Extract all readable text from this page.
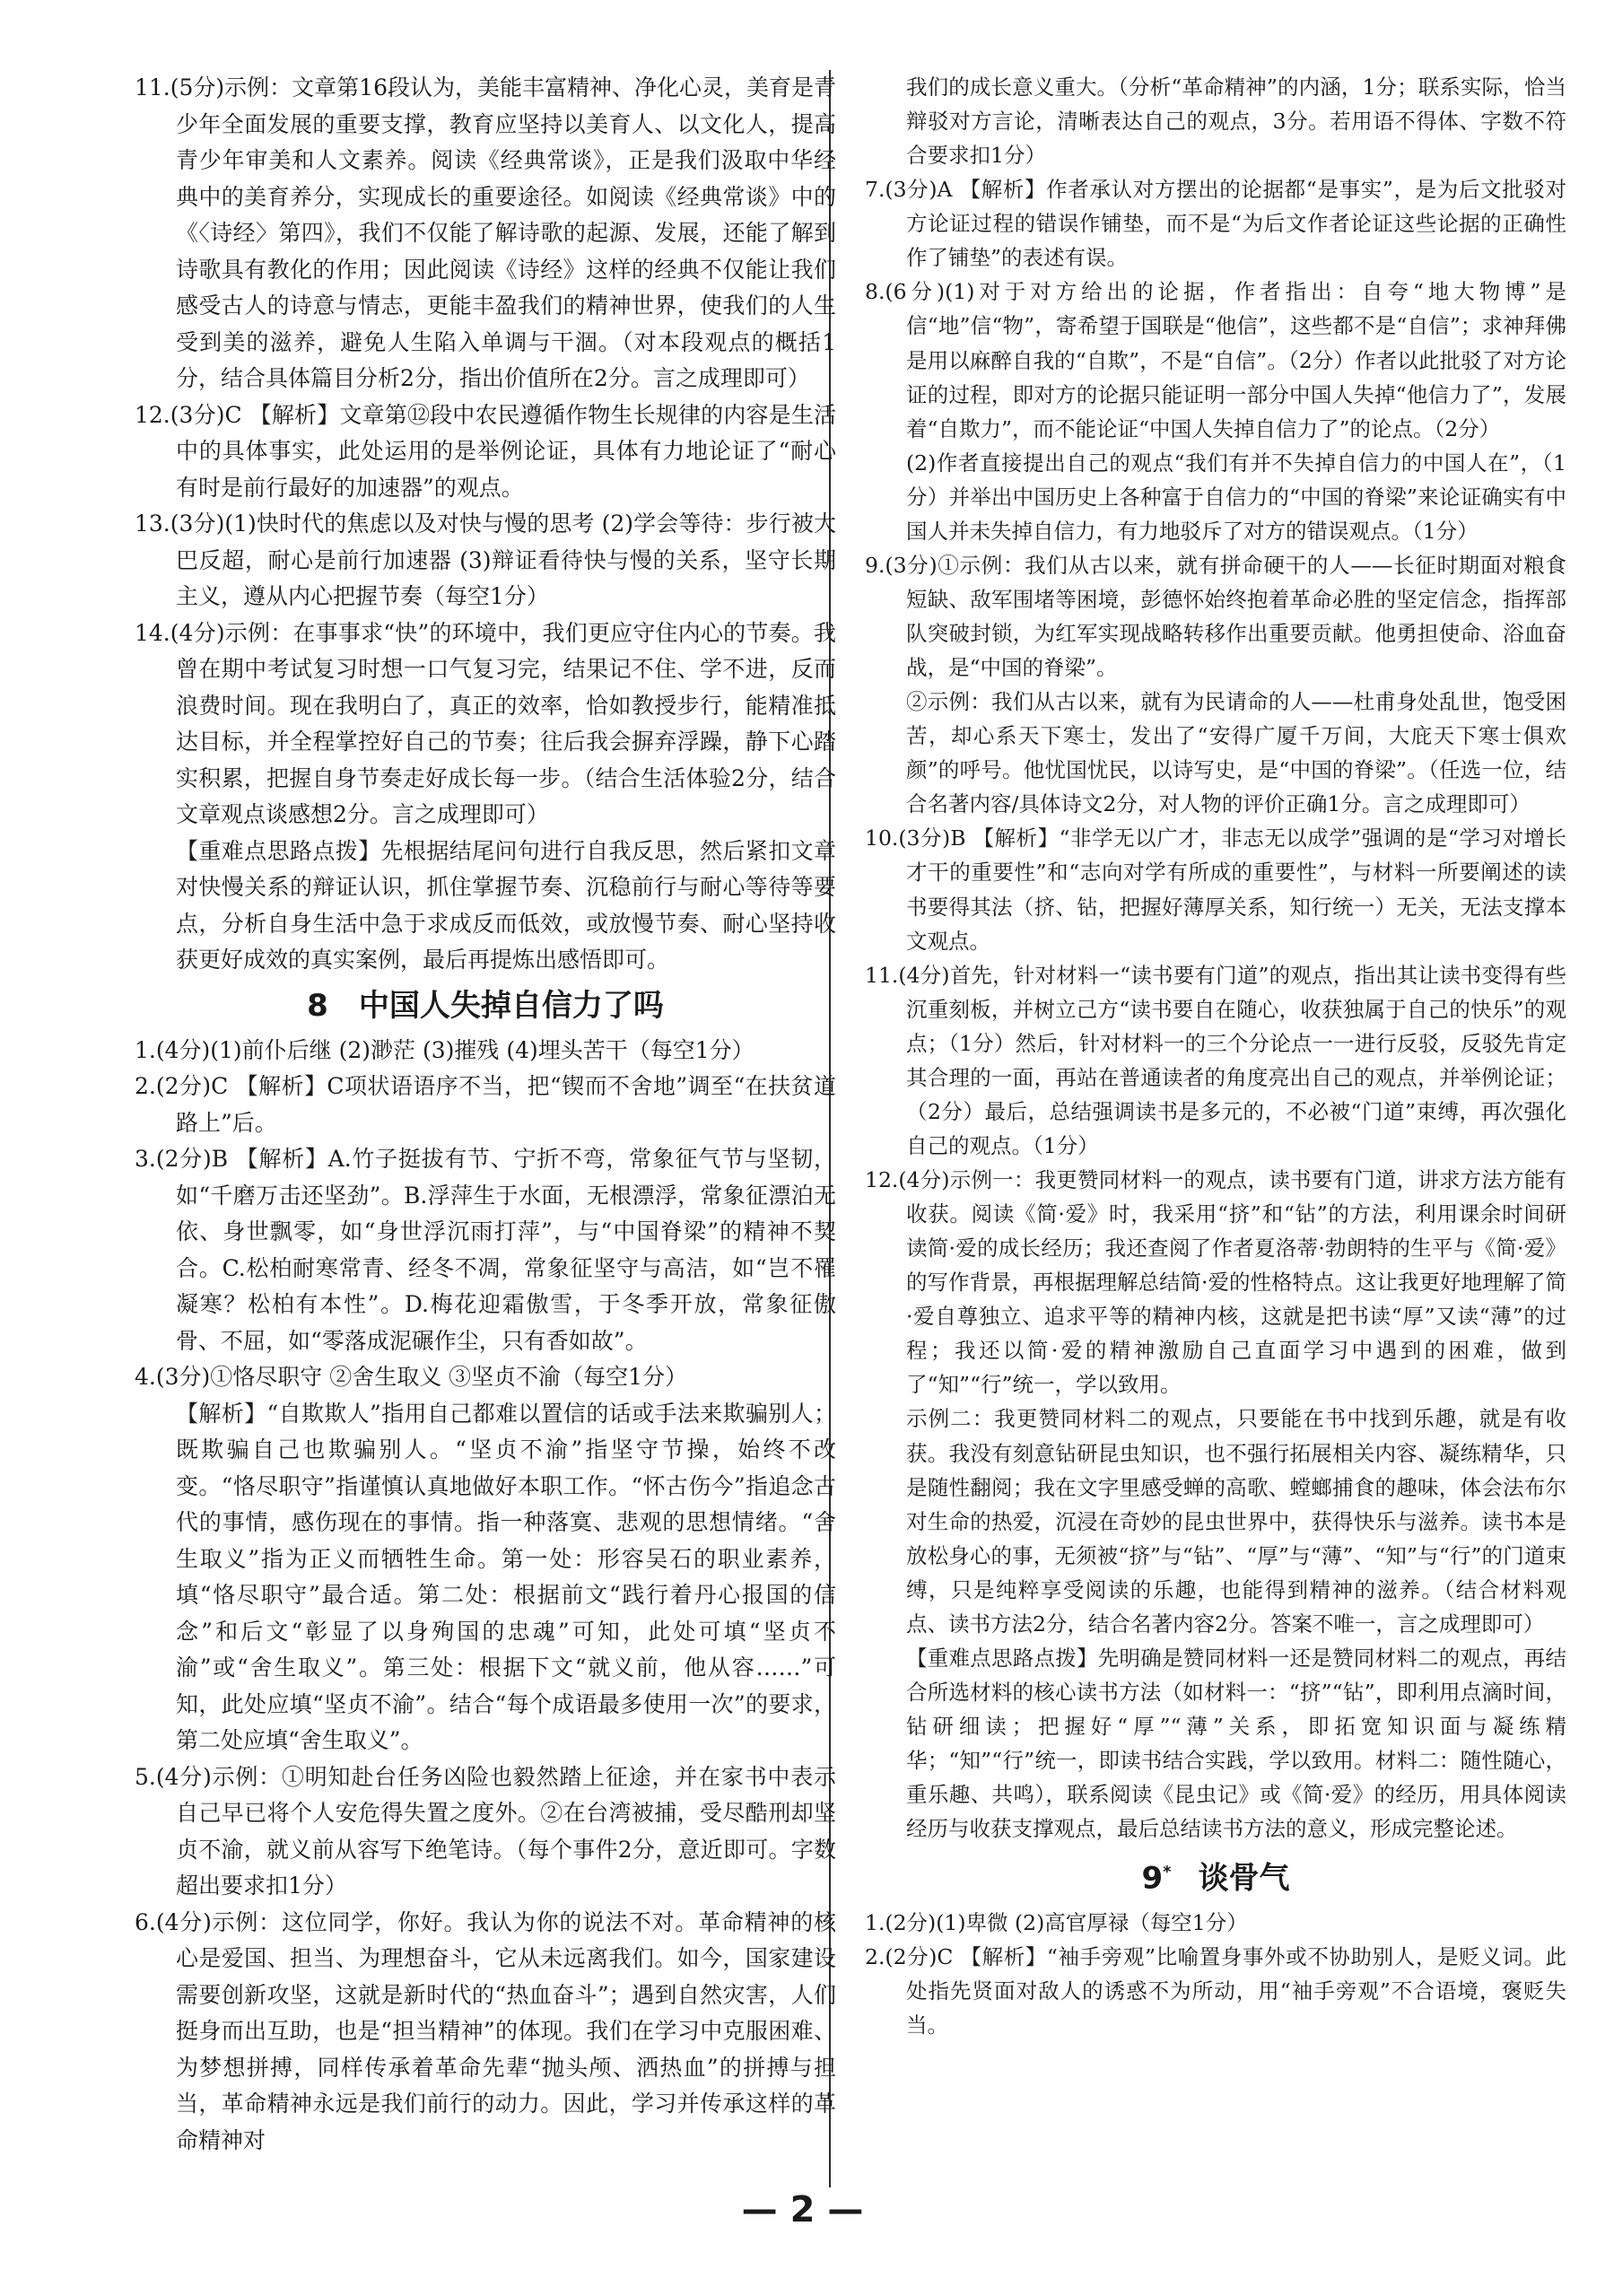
11.(5分)示例：文章第16段认为，美能丰富精神、净化心灵，美育是青少年全面发展的重要支撑，教育应坚持以美育人、以文化人，提高青少年审美和人文素养。阅读《经典常谈》，正是我们汲取中华经典中的美育养分，实现成长的重要途径。如阅读《经典常谈》中的《〈诗经〉第四》，我们不仅能了解诗歌的起源、发展，还能了解到诗歌具有教化的作用；因此阅读《诗经》这样的经典不仅能让我们感受古人的诗意与情志，更能丰盈我们的精神世界，使我们的人生受到美的滋养，避免人生陷入单调与干涸。（对本段观点的概括1分，结合具体篇目分析2分，指出价值所在2分。言之成理即可）

12.(3分)C 【解析】文章第⑫段中农民遵循作物生长规律的内容是生活中的具体事实，此处运用的是举例论证，具体有力地论证了“耐心有时是前行最好的加速器”的观点。

13.(3分)(1)快时代的焦虑以及对快与慢的思考 (2)学会等待：步行被大巴反超，耐心是前行加速器 (3)辩证看待快与慢的关系，坚守长期主义，遵从内心把握节奏（每空1分）

14.(4分)示例：在事事求“快”的环境中，我们更应守住内心的节奏。我曾在期中考试复习时想一口气复习完，结果记不住、学不进，反而浪费时间。现在我明白了，真正的效率，恰如教授步行，能精准抵达目标，并全程掌控好自己的节奏；往后我会摒弃浮躁，静下心踏实积累，把握自身节奏走好成长每一步。（结合生活体验2分，结合文章观点谈感想2分。言之成理即可）

【重难点思路点拨】先根据结尾问句进行自我反思，然后紧扣文章对快慢关系的辩证认识，抓住掌握节奏、沉稳前行与耐心等待等要点，分析自身生活中急于求成反而低效，或放慢节奏、耐心坚持收获更好成效的真实案例，最后再提炼出感悟即可。

8 中国人失掉自信力了吗

1.(4分)(1)前仆后继 (2)渺茫 (3)摧残 (4)埋头苦干（每空1分）

2.(2分)C 【解析】C项状语语序不当，把“锲而不舍地”调至“在扶贫道路上”后。

3.(2分)B 【解析】A.竹子挺拔有节、宁折不弯，常象征气节与坚韧，如“千磨万击还坚劲”。B.浮萍生于水面，无根漂浮，常象征漂泊无依、身世飘零，如“身世浮沉雨打萍”，与“中国脊梁”的精神不契合。C.松柏耐寒常青、经冬不凋，常象征坚守与高洁，如“岂不罹凝寒？松柏有本性”。D.梅花迎霜傲雪，于冬季开放，常象征傲骨、不屈，如“零落成泥碾作尘，只有香如故”。

4.(3分)①恪尽职守 ②舍生取义 ③坚贞不渝（每空1分）

【解析】“自欺欺人”指用自己都难以置信的话或手法来欺骗别人；既欺骗自己也欺骗别人。“坚贞不渝”指坚守节操，始终不改变。“恪尽职守”指谨慎认真地做好本职工作。“怀古伤今”指追念古代的事情，感伤现在的事情。指一种落寞、悲观的思想情绪。“舍生取义”指为正义而牺牲生命。第一处：形容吴石的职业素养，填“恪尽职守”最合适。第二处：根据前文“践行着丹心报国的信念”和后文“彰显了以身殉国的忠魂”可知，此处可填“坚贞不渝”或“舍生取义”。第三处：根据下文“就义前，他从容……”可知，此处应填“坚贞不渝”。结合“每个成语最多使用一次”的要求，第二处应填“舍生取义”。

5.(4分)示例：①明知赴台任务凶险也毅然踏上征途，并在家书中表示自己早已将个人安危得失置之度外。②在台湾被捕，受尽酷刑却坚贞不渝，就义前从容写下绝笔诗。（每个事件2分，意近即可。字数超出要求扣1分）

6.(4分)示例：这位同学，你好。我认为你的说法不对。革命精神的核心是爱国、担当、为理想奋斗，它从未远离我们。如今，国家建设需要创新攻坚，这就是新时代的“热血奋斗”；遇到自然灾害，人们挺身而出互助，也是“担当精神”的体现。我们在学习中克服困难、为梦想拼搏，同样传承着革命先辈“抛头颅、洒热血”的拼搏与担当，革命精神永远是我们前行的动力。因此，学习并传承这样的革命精神对

我们的成长意义重大。（分析“革命精神”的内涵，1分；联系实际，恰当辩驳对方言论，清晰表达自己的观点，3分。若用语不得体、字数不符合要求扣1分）

7.(3分)A 【解析】作者承认对方摆出的论据都“是事实”，是为后文批驳对方论证过程的错误作铺垫，而不是“为后文作者论证这些论据的正确性作了铺垫”的表述有误。

8.(6分)(1)对于对方给出的论据，作者指出：自夸“地大物博”是信“地”信“物”，寄希望于国联是“他信”，这些都不是“自信”；求神拜佛是用以麻醉自我的“自欺”，不是“自信”。（2分）作者以此批驳了对方论证的过程，即对方的论据只能证明一部分中国人失掉“他信力了”，发展着“自欺力”，而不能论证“中国人失掉自信力了”的论点。（2分）

(2)作者直接提出自己的观点“我们有并不失掉自信力的中国人在”，（1分）并举出中国历史上各种富于自信力的“中国的脊梁”来论证确实有中国人并未失掉自信力，有力地驳斥了对方的错误观点。（1分）

9.(3分)①示例：我们从古以来，就有拼命硬干的人——长征时期面对粮食短缺、敌军围堵等困境，彭德怀始终抱着革命必胜的坚定信念，指挥部队突破封锁，为红军实现战略转移作出重要贡献。他勇担使命、浴血奋战，是“中国的脊梁”。

②示例：我们从古以来，就有为民请命的人——杜甫身处乱世，饱受困苦，却心系天下寒士，发出了“安得广厦千万间，大庇天下寒士俱欢颜”的呼号。他忧国忧民，以诗写史，是“中国的脊梁”。（任选一位，结合名著内容/具体诗文2分，对人物的评价正确1分。言之成理即可）

10.(3分)B 【解析】“非学无以广才，非志无以成学”强调的是“学习对增长才干的重要性”和“志向对学有所成的重要性”，与材料一所要阐述的读书要得其法（挤、钻，把握好薄厚关系，知行统一）无关，无法支撑本文观点。

11.(4分)首先，针对材料一“读书要有门道”的观点，指出其让读书变得有些沉重刻板，并树立己方“读书要自在随心，收获独属于自己的快乐”的观点；（1分）然后，针对材料一的三个分论点一一进行反驳，反驳先肯定其合理的一面，再站在普通读者的角度亮出自己的观点，并举例论证；（2分）最后，总结强调读书是多元的，不必被“门道”束缚，再次强化自己的观点。（1分）

12.(4分)示例一：我更赞同材料一的观点，读书要有门道，讲求方法方能有收获。阅读《简·爱》时，我采用“挤”和“钻”的方法，利用课余时间研读简·爱的成长经历；我还查阅了作者夏洛蒂·勃朗特的生平与《简·爱》的写作背景，再根据理解总结简·爱的性格特点。这让我更好地理解了简·爱自尊独立、追求平等的精神内核，这就是把书读“厚”又读“薄”的过程；我还以简·爱的精神激励自己直面学习中遇到的困难，做到了“知”“行”统一，学以致用。

示例二：我更赞同材料二的观点，只要能在书中找到乐趣，就是有收获。我没有刻意钻研昆虫知识，也不强行拓展相关内容、凝练精华，只是随性翻阅；我在文字里感受蝉的高歌、螳螂捕食的趣味，体会法布尔对生命的热爱，沉浸在奇妙的昆虫世界中，获得快乐与滋养。读书本是放松身心的事，无须被“挤”与“钻”、“厚”与“薄”、“知”与“行”的门道束缚，只是纯粹享受阅读的乐趣，也能得到精神的滋养。（结合材料观点、读书方法2分，结合名著内容2分。答案不唯一，言之成理即可）

【重难点思路点拨】先明确是赞同材料一还是赞同材料二的观点，再结合所选材料的核心读书方法（如材料一：“挤”“钻”，即利用点滴时间，钻研细读；把握好“厚”“薄”关系，即拓宽知识面与凝练精华；“知”“行”统一，即读书结合实践，学以致用。材料二：随性随心，重乐趣、共鸣），联系阅读《昆虫记》或《简·爱》的经历，用具体阅读经历与收获支撑观点，最后总结读书方法的意义，形成完整论述。

9* 谈骨气

1.(2分)(1)卑微 (2)高官厚禄（每空1分）

2.(2分)C 【解析】“袖手旁观”比喻置身事外或不协助别人，是贬义词。此处指先贤面对敌人的诱惑不为所动，用“袖手旁观”不合语境，褒贬失当。

— 2 —
